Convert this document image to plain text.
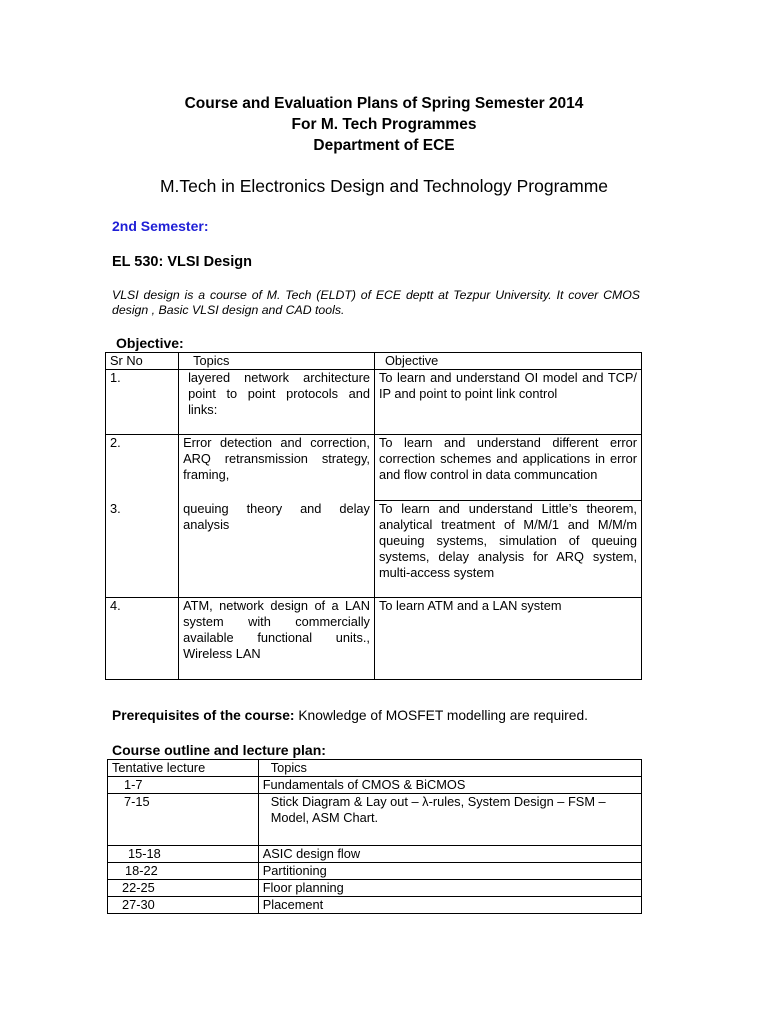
Course and Evaluation Plans of Spring Semester 2014
For M. Tech Programmes
Department of ECE
M.Tech in Electronics Design and Technology Programme
2nd Semester:
EL 530: VLSI Design
VLSI design is a course of M. Tech (ELDT) of ECE deptt at Tezpur University. It cover CMOS design , Basic VLSI design and CAD tools.
Objective:
Sr No	Topics	Objective
1.	layered network architecture point to point protocols and links:	To learn and understand OI model and TCP/ IP and point to point link control
2.	Error detection and correction, ARQ retransmission strategy, framing,	To learn and understand different error correction schemes and applications in error and flow control in data communcation
3.	queuing theory and delay analysis	To learn and understand Little’s theorem, analytical treatment of M/M/1 and M/M/m queuing systems, simulation of queuing systems, delay analysis for ARQ system, multi-access system
4.	ATM, network design of a LAN system with commercially available functional units., Wireless LAN	To learn ATM and a LAN system
Prerequisites of the course: Knowledge of MOSFET modelling are required.
Course outline and lecture plan:
Tentative lecture	Topics
1-7	Fundamentals of CMOS & BiCMOS
7-15	Stick Diagram & Lay out – λ-rules, System Design – FSM – Model, ASM Chart.
15-18	ASIC design flow
18-22	Partitioning
22-25	Floor planning
27-30	Placement
